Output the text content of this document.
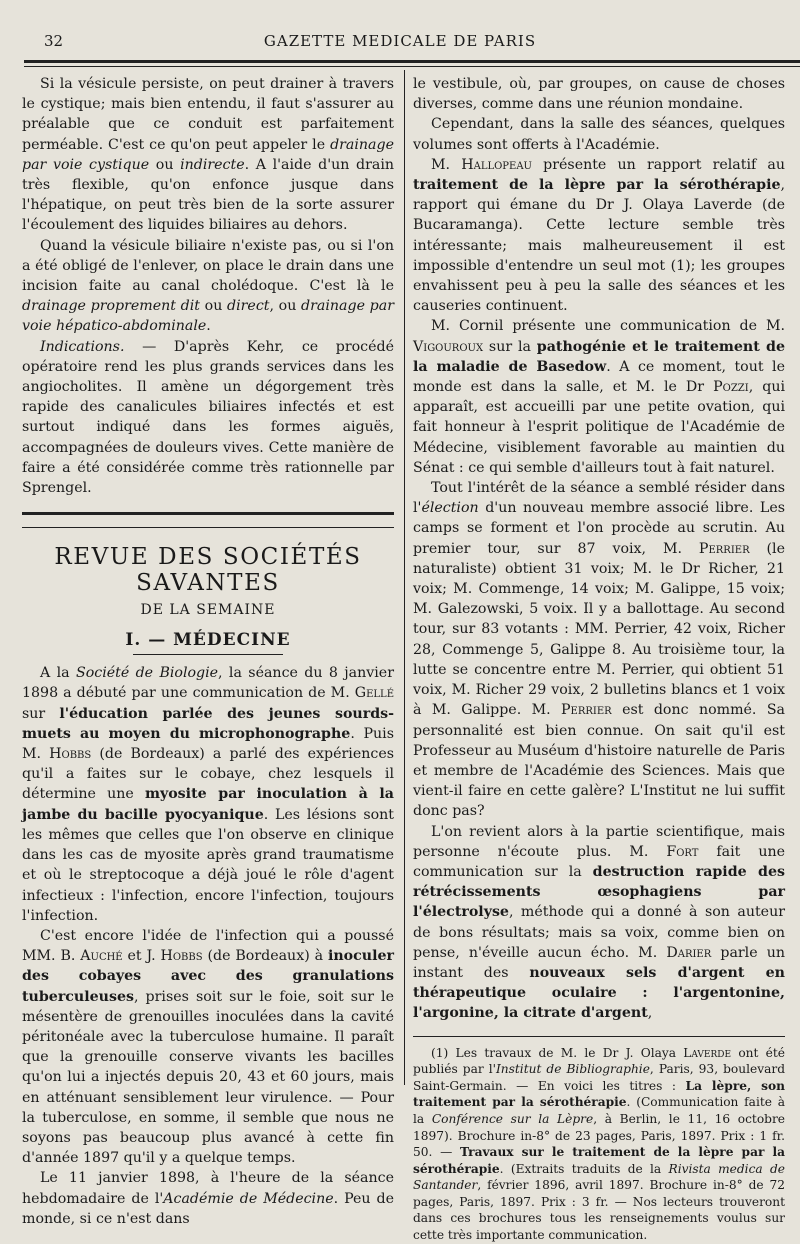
32	GAZETTE MEDICALE DE PARIS

Si la vésicule persiste, on peut drainer à travers le cystique; mais bien entendu, il faut s'assurer au préalable que ce conduit est parfaitement perméable. C'est ce qu'on peut appeler le drainage par voie cystique ou indirecte. A l'aide d'un drain très flexible, qu'on enfonce jusque dans l'hépatique, on peut très bien de la sorte assurer l'écoulement des liquides biliaires au dehors.

Quand la vésicule biliaire n'existe pas, ou si l'on a été obligé de l'enlever, on place le drain dans une incision faite au canal cholédoque. C'est là le drainage proprement dit ou direct, ou drainage par voie hépatico-abdominale.

Indications. — D'après Kehr, ce procédé opératoire rend les plus grands services dans les angiocholites. Il amène un dégorgement très rapide des canalicules biliaires infectés et est surtout indiqué dans les formes aiguës, accompagnées de douleurs vives. Cette manière de faire a été considérée comme très rationnelle par Sprengel.

REVUE DES SOCIÉTÉS SAVANTES
DE LA SEMAINE
I. — MÉDECINE

A la Société de Biologie, la séance du 8 janvier 1898 a débuté par une communication de M. Gellé sur l'éducation parlée des jeunes sourds-muets au moyen du microphonographe. Puis M. Hobbs (de Bordeaux) a parlé des expériences qu'il a faites sur le cobaye, chez lesquels il détermine une myosite par inoculation à la jambe du bacille pyocyanique. Les lésions sont les mêmes que celles que l'on observe en clinique dans les cas de myosite après grand traumatisme et où le streptocoque a déjà joué le rôle d'agent infectieux : l'infection, encore l'infection, toujours l'infection.

C'est encore l'idée de l'infection qui a poussé MM. B. Auché et J. Hobbs (de Bordeaux) à inoculer des cobayes avec des granulations tuberculeuses, prises soit sur le foie, soit sur le mésentère de grenouilles inoculées dans la cavité péritonéale avec la tuberculose humaine. Il paraît que la grenouille conserve vivants les bacilles qu'on lui a injectés depuis 20, 43 et 60 jours, mais en atténuant sensiblement leur virulence. — Pour la tuberculose, en somme, il semble que nous ne soyons pas beaucoup plus avancé à cette fin d'année 1897 qu'il y a quelque temps.

Le 11 janvier 1898, à l'heure de la séance hebdomadaire de l'Académie de Médecine. Peu de monde, si ce n'est dans

le vestibule, où, par groupes, on cause de choses diverses, comme dans une réunion mondaine.

Cependant, dans la salle des séances, quelques volumes sont offerts à l'Académie.

M. Hallopeau présente un rapport relatif au traitement de la lèpre par la sérothérapie, rapport qui émane du Dr J. Olaya Laverde (de Bucaramanga). Cette lecture semble très intéressante; mais malheureusement il est impossible d'entendre un seul mot (1); les groupes envahissent peu à peu la salle des séances et les causeries continuent.

M. Cornil présente une communication de M. Vigouroux sur la pathogénie et le traitement de la maladie de Basedow. A ce moment, tout le monde est dans la salle, et M. le Dr Pozzi, qui apparaît, est accueilli par une petite ovation, qui fait honneur à l'esprit politique de l'Académie de Médecine, visiblement favorable au maintien du Sénat : ce qui semble d'ailleurs tout à fait naturel.

Tout l'intérêt de la séance a semblé résider dans l'élection d'un nouveau membre associé libre. Les camps se forment et l'on procède au scrutin. Au premier tour, sur 87 voix, M. Perrier (le naturaliste) obtient 31 voix; M. le Dr Richer, 21 voix; M. Commenge, 14 voix; M. Galippe, 15 voix; M. Galezowski, 5 voix. Il y a ballottage. Au second tour, sur 83 votants : MM. Perrier, 42 voix, Richer 28, Commenge 5, Galippe 8. Au troisième tour, la lutte se concentre entre M. Perrier, qui obtient 51 voix, M. Richer 29 voix, 2 bulletins blancs et 1 voix à M. Galippe. M. Perrier est donc nommé. Sa personnalité est bien connue. On sait qu'il est Professeur au Muséum d'histoire naturelle de Paris et membre de l'Académie des Sciences. Mais que vient-il faire en cette galère? L'Institut ne lui suffit donc pas?

L'on revient alors à la partie scientifique, mais personne n'écoute plus. M. Fort fait une communication sur la destruction rapide des rétrécissements œsophagiens par l'électrolyse, méthode qui a donné à son auteur de bons résultats; mais sa voix, comme bien on pense, n'éveille aucun écho. M. Darier parle un instant des nouveaux sels d'argent en thérapeutique oculaire : l'argentonine, l'argonine, la citrate d'argent,

(1) Les travaux de M. le Dr J. Olaya Laverde ont été publiés par l'Institut de Bibliographie, Paris, 93, boulevard Saint-Germain. — En voici les titres : La lèpre, son traitement par la sérothérapie. (Communication faite à la Conférence sur la Lèpre, à Berlin, le 11, 16 octobre 1897). Brochure in-8° de 23 pages, Paris, 1897. Prix : 1 fr. 50. — Travaux sur le traitement de la lèpre par la sérothérapie. (Extraits traduits de la Rivista medica de Santander, février 1896, avril 1897. Brochure in-8° de 72 pages, Paris, 1897. Prix : 3 fr. — Nos lecteurs trouveront dans ces brochures tous les renseignements voulus sur cette très importante communication.
